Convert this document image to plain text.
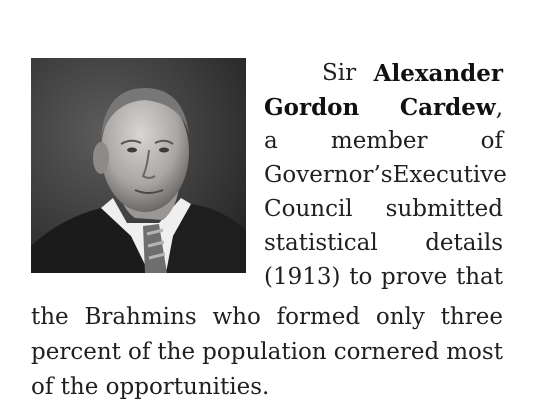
Sir Alexander
Gordon Cardew,
a member of
Governor’s Executive
Council submitted
statistical details
(1913) to prove that
the Brahmins who formed only three
percent of the population cornered most
of the opportunities.
